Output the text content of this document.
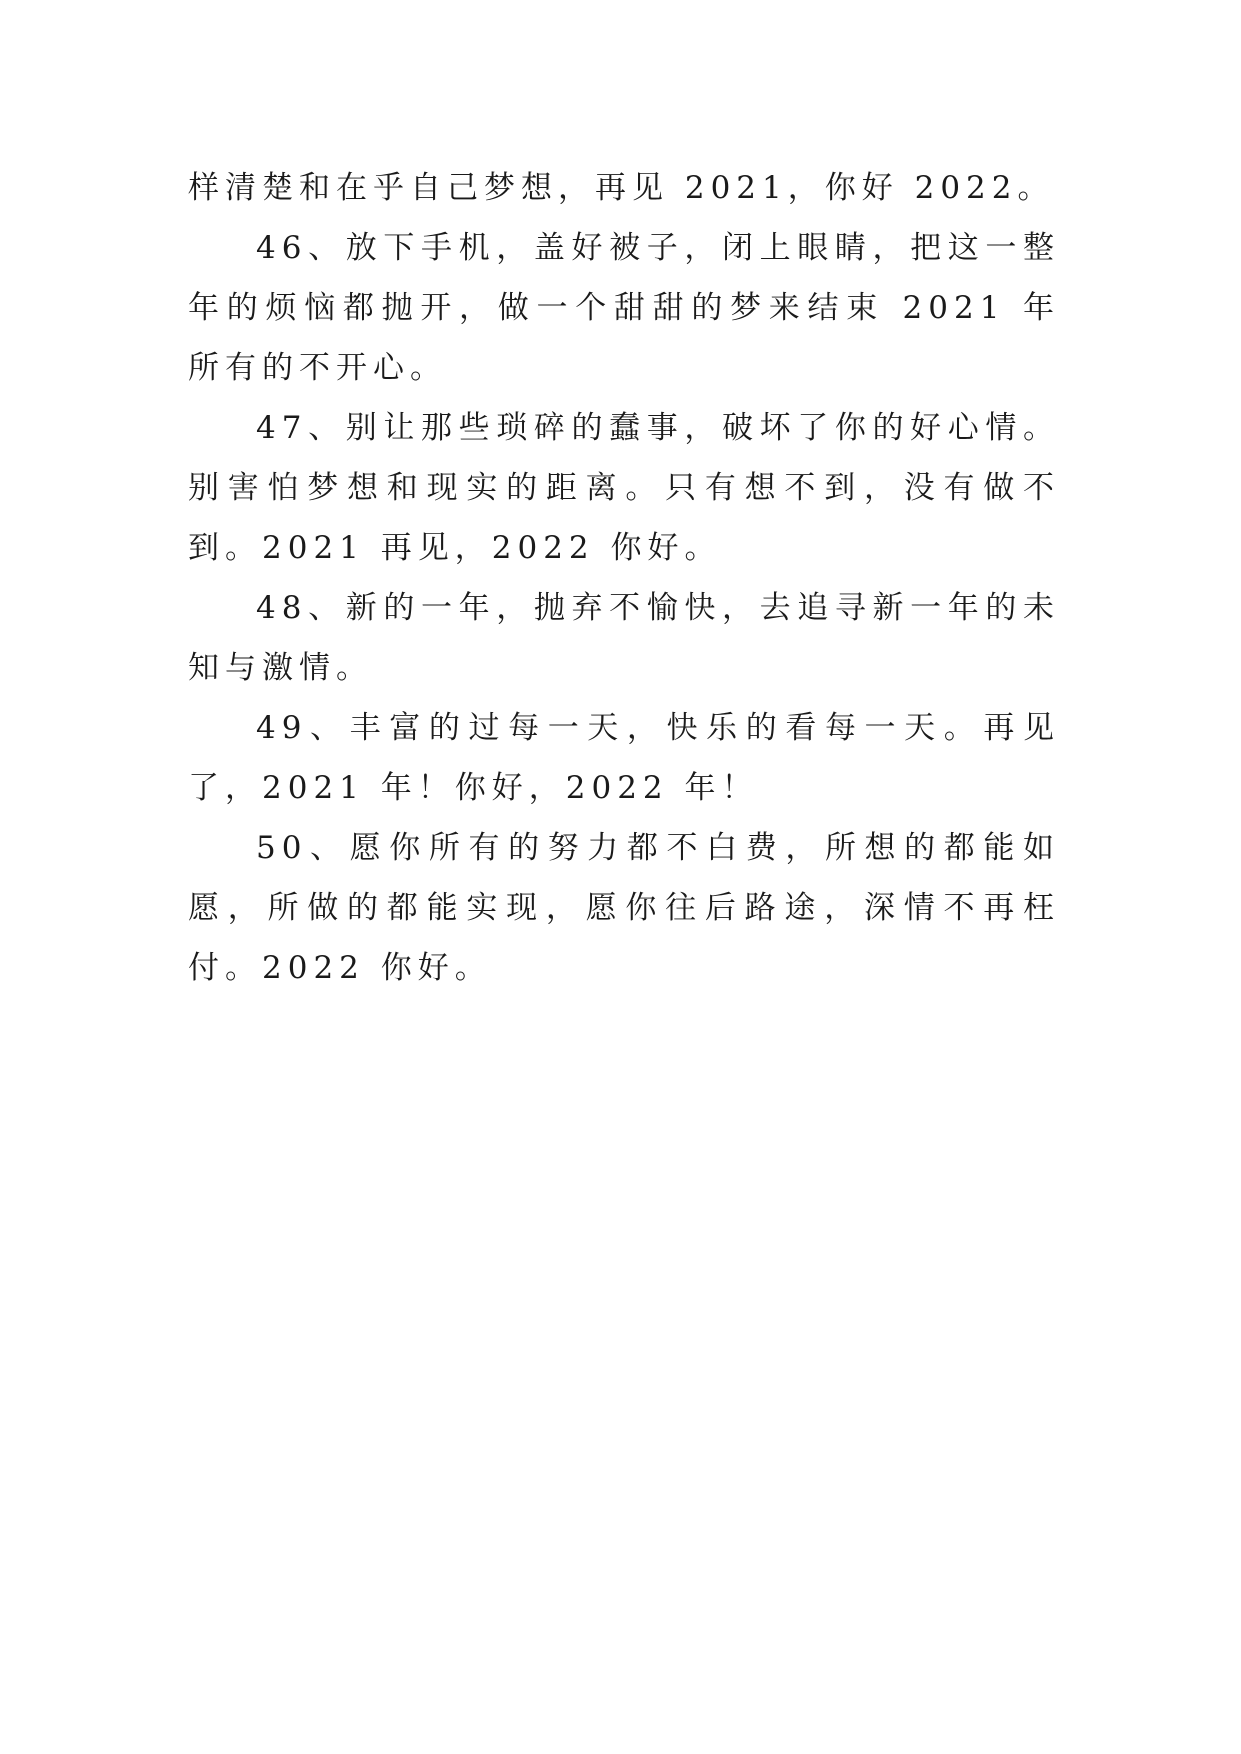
样清楚和在乎自己梦想，再见 2021，你好 2022。

46、放下手机，盖好被子，闭上眼睛，把这一整年的烦恼都抛开，做一个甜甜的梦来结束 2021 年所有的不开心。

47、别让那些琐碎的蠢事，破坏了你的好心情。别害怕梦想和现实的距离。只有想不到，没有做不到。2021 再见，2022 你好。

48、新的一年，抛弃不愉快，去追寻新一年的未知与激情。

49、丰富的过每一天，快乐的看每一天。再见了，2021 年！你好，2022 年！

50、愿你所有的努力都不白费，所想的都能如愿，所做的都能实现，愿你往后路途，深情不再枉付。2022 你好。
